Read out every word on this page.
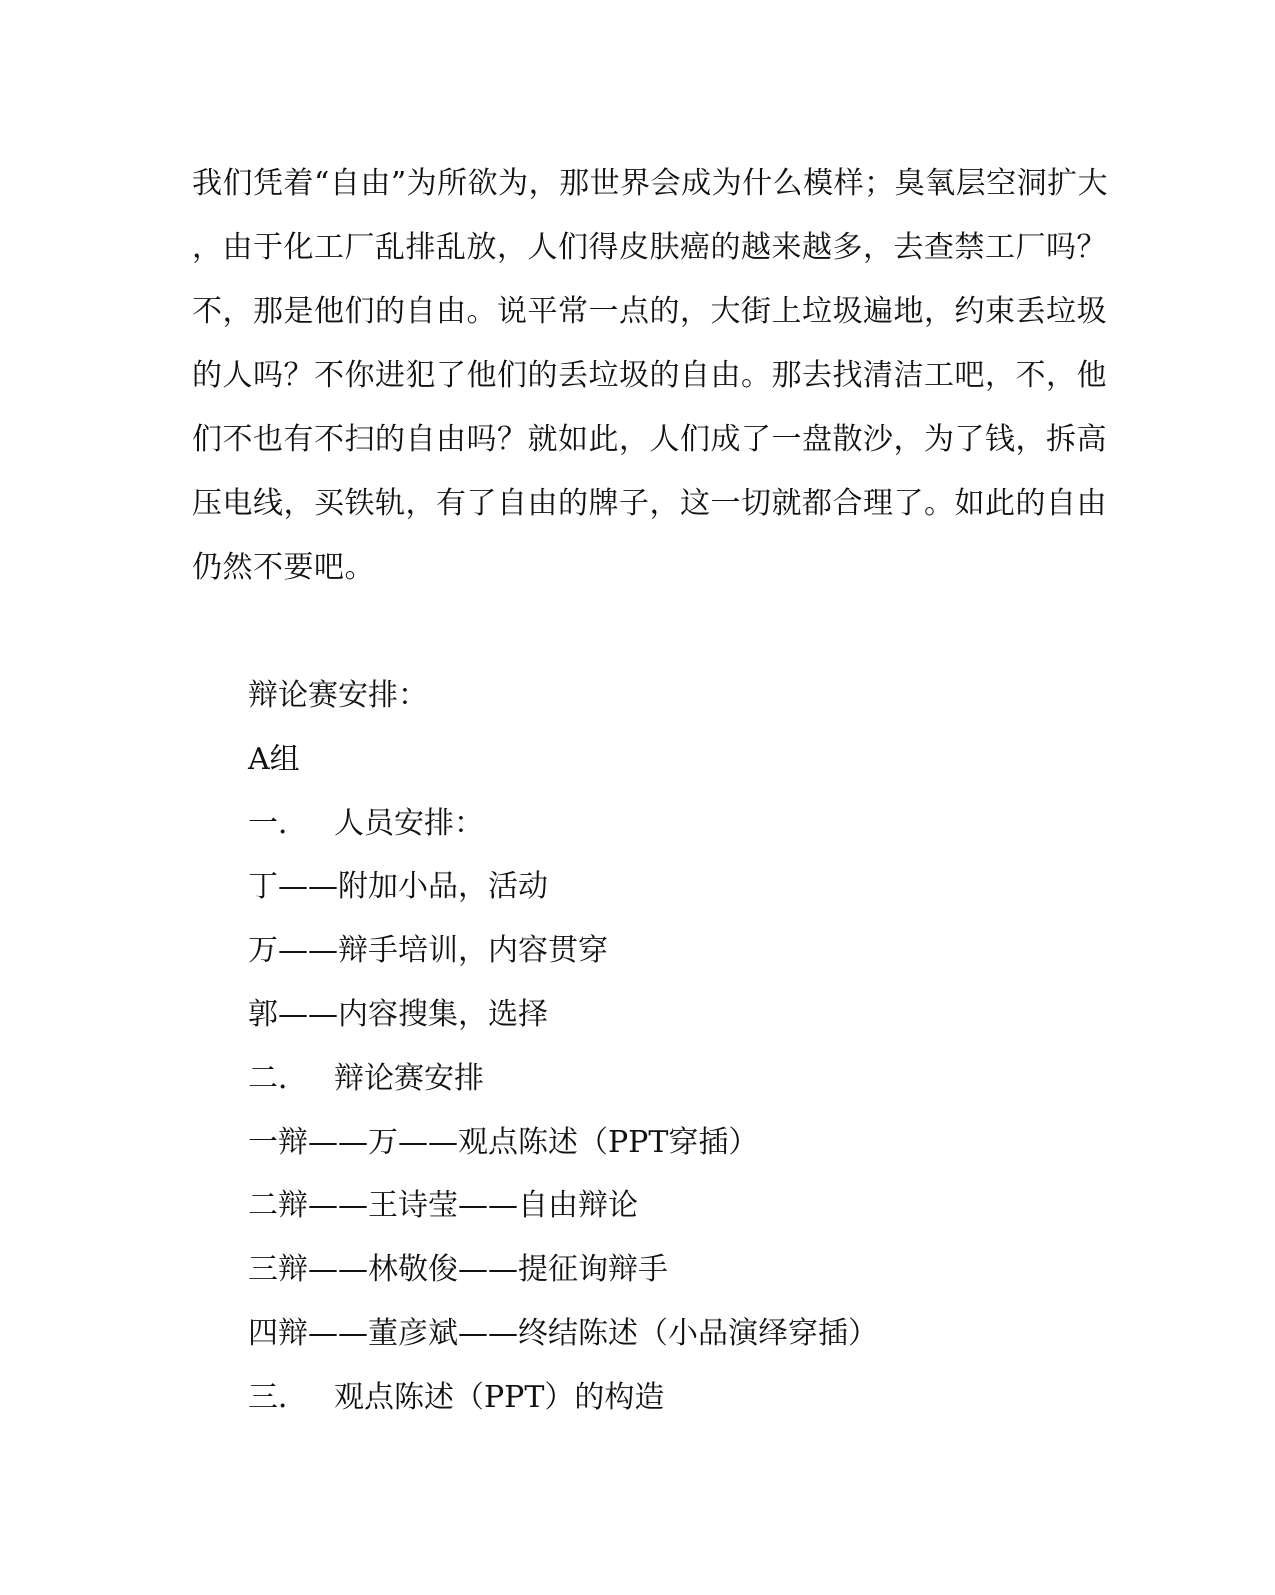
我们凭着“自由”为所欲为，那世界会成为什么模样；臭氧层空洞扩大
，由于化工厂乱排乱放，人们得皮肤癌的越来越多，去查禁工厂吗？
不，那是他们的自由。说平常一点的，大街上垃圾遍地，约束丢垃圾
的人吗？不你进犯了他们的丢垃圾的自由。那去找清洁工吧，不，他
们不也有不扫的自由吗？就如此，人们成了一盘散沙，为了钱，拆高
压电线，买铁轨，有了自由的牌子，这一切就都合理了。如此的自由
仍然不要吧。
辩论赛安排：
A组
一． 人员安排：
丁——附加小品，活动
万——辩手培训，内容贯穿
郭——内容搜集，选择
二． 辩论赛安排
一辩——万——观点陈述（PPT穿插）
二辩——王诗莹——自由辩论
三辩——林敬俊——提征询辩手
四辩——董彦斌——终结陈述（小品演绎穿插）
三． 观点陈述（PPT）的构造
